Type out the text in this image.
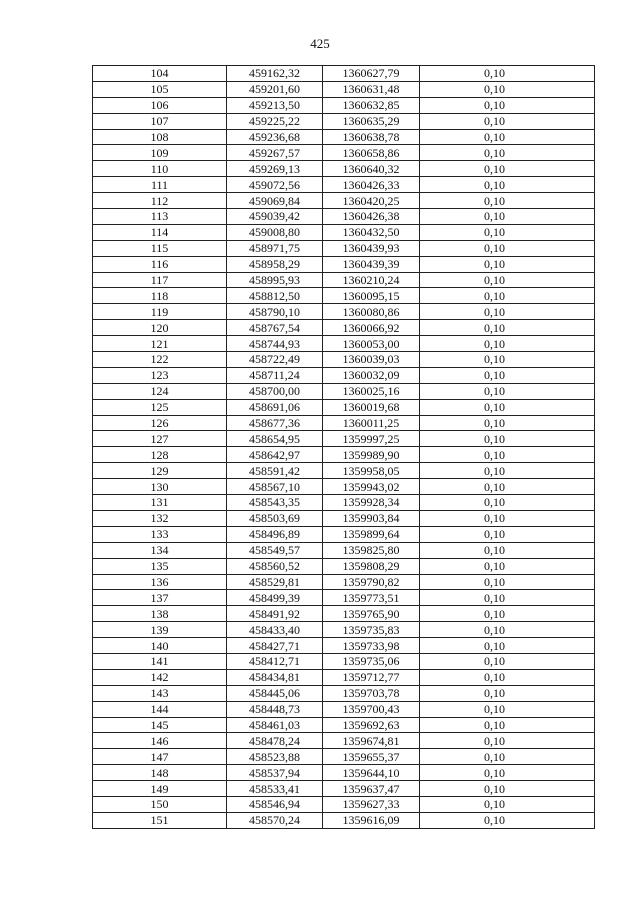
425
104	459162,32	1360627,79	0,10
105	459201,60	1360631,48	0,10
106	459213,50	1360632,85	0,10
107	459225,22	1360635,29	0,10
108	459236,68	1360638,78	0,10
109	459267,57	1360658,86	0,10
110	459269,13	1360640,32	0,10
111	459072,56	1360426,33	0,10
112	459069,84	1360420,25	0,10
113	459039,42	1360426,38	0,10
114	459008,80	1360432,50	0,10
115	458971,75	1360439,93	0,10
116	458958,29	1360439,39	0,10
117	458995,93	1360210,24	0,10
118	458812,50	1360095,15	0,10
119	458790,10	1360080,86	0,10
120	458767,54	1360066,92	0,10
121	458744,93	1360053,00	0,10
122	458722,49	1360039,03	0,10
123	458711,24	1360032,09	0,10
124	458700,00	1360025,16	0,10
125	458691,06	1360019,68	0,10
126	458677,36	1360011,25	0,10
127	458654,95	1359997,25	0,10
128	458642,97	1359989,90	0,10
129	458591,42	1359958,05	0,10
130	458567,10	1359943,02	0,10
131	458543,35	1359928,34	0,10
132	458503,69	1359903,84	0,10
133	458496,89	1359899,64	0,10
134	458549,57	1359825,80	0,10
135	458560,52	1359808,29	0,10
136	458529,81	1359790,82	0,10
137	458499,39	1359773,51	0,10
138	458491,92	1359765,90	0,10
139	458433,40	1359735,83	0,10
140	458427,71	1359733,98	0,10
141	458412,71	1359735,06	0,10
142	458434,81	1359712,77	0,10
143	458445,06	1359703,78	0,10
144	458448,73	1359700,43	0,10
145	458461,03	1359692,63	0,10
146	458478,24	1359674,81	0,10
147	458523,88	1359655,37	0,10
148	458537,94	1359644,10	0,10
149	458533,41	1359637,47	0,10
150	458546,94	1359627,33	0,10
151	458570,24	1359616,09	0,10
